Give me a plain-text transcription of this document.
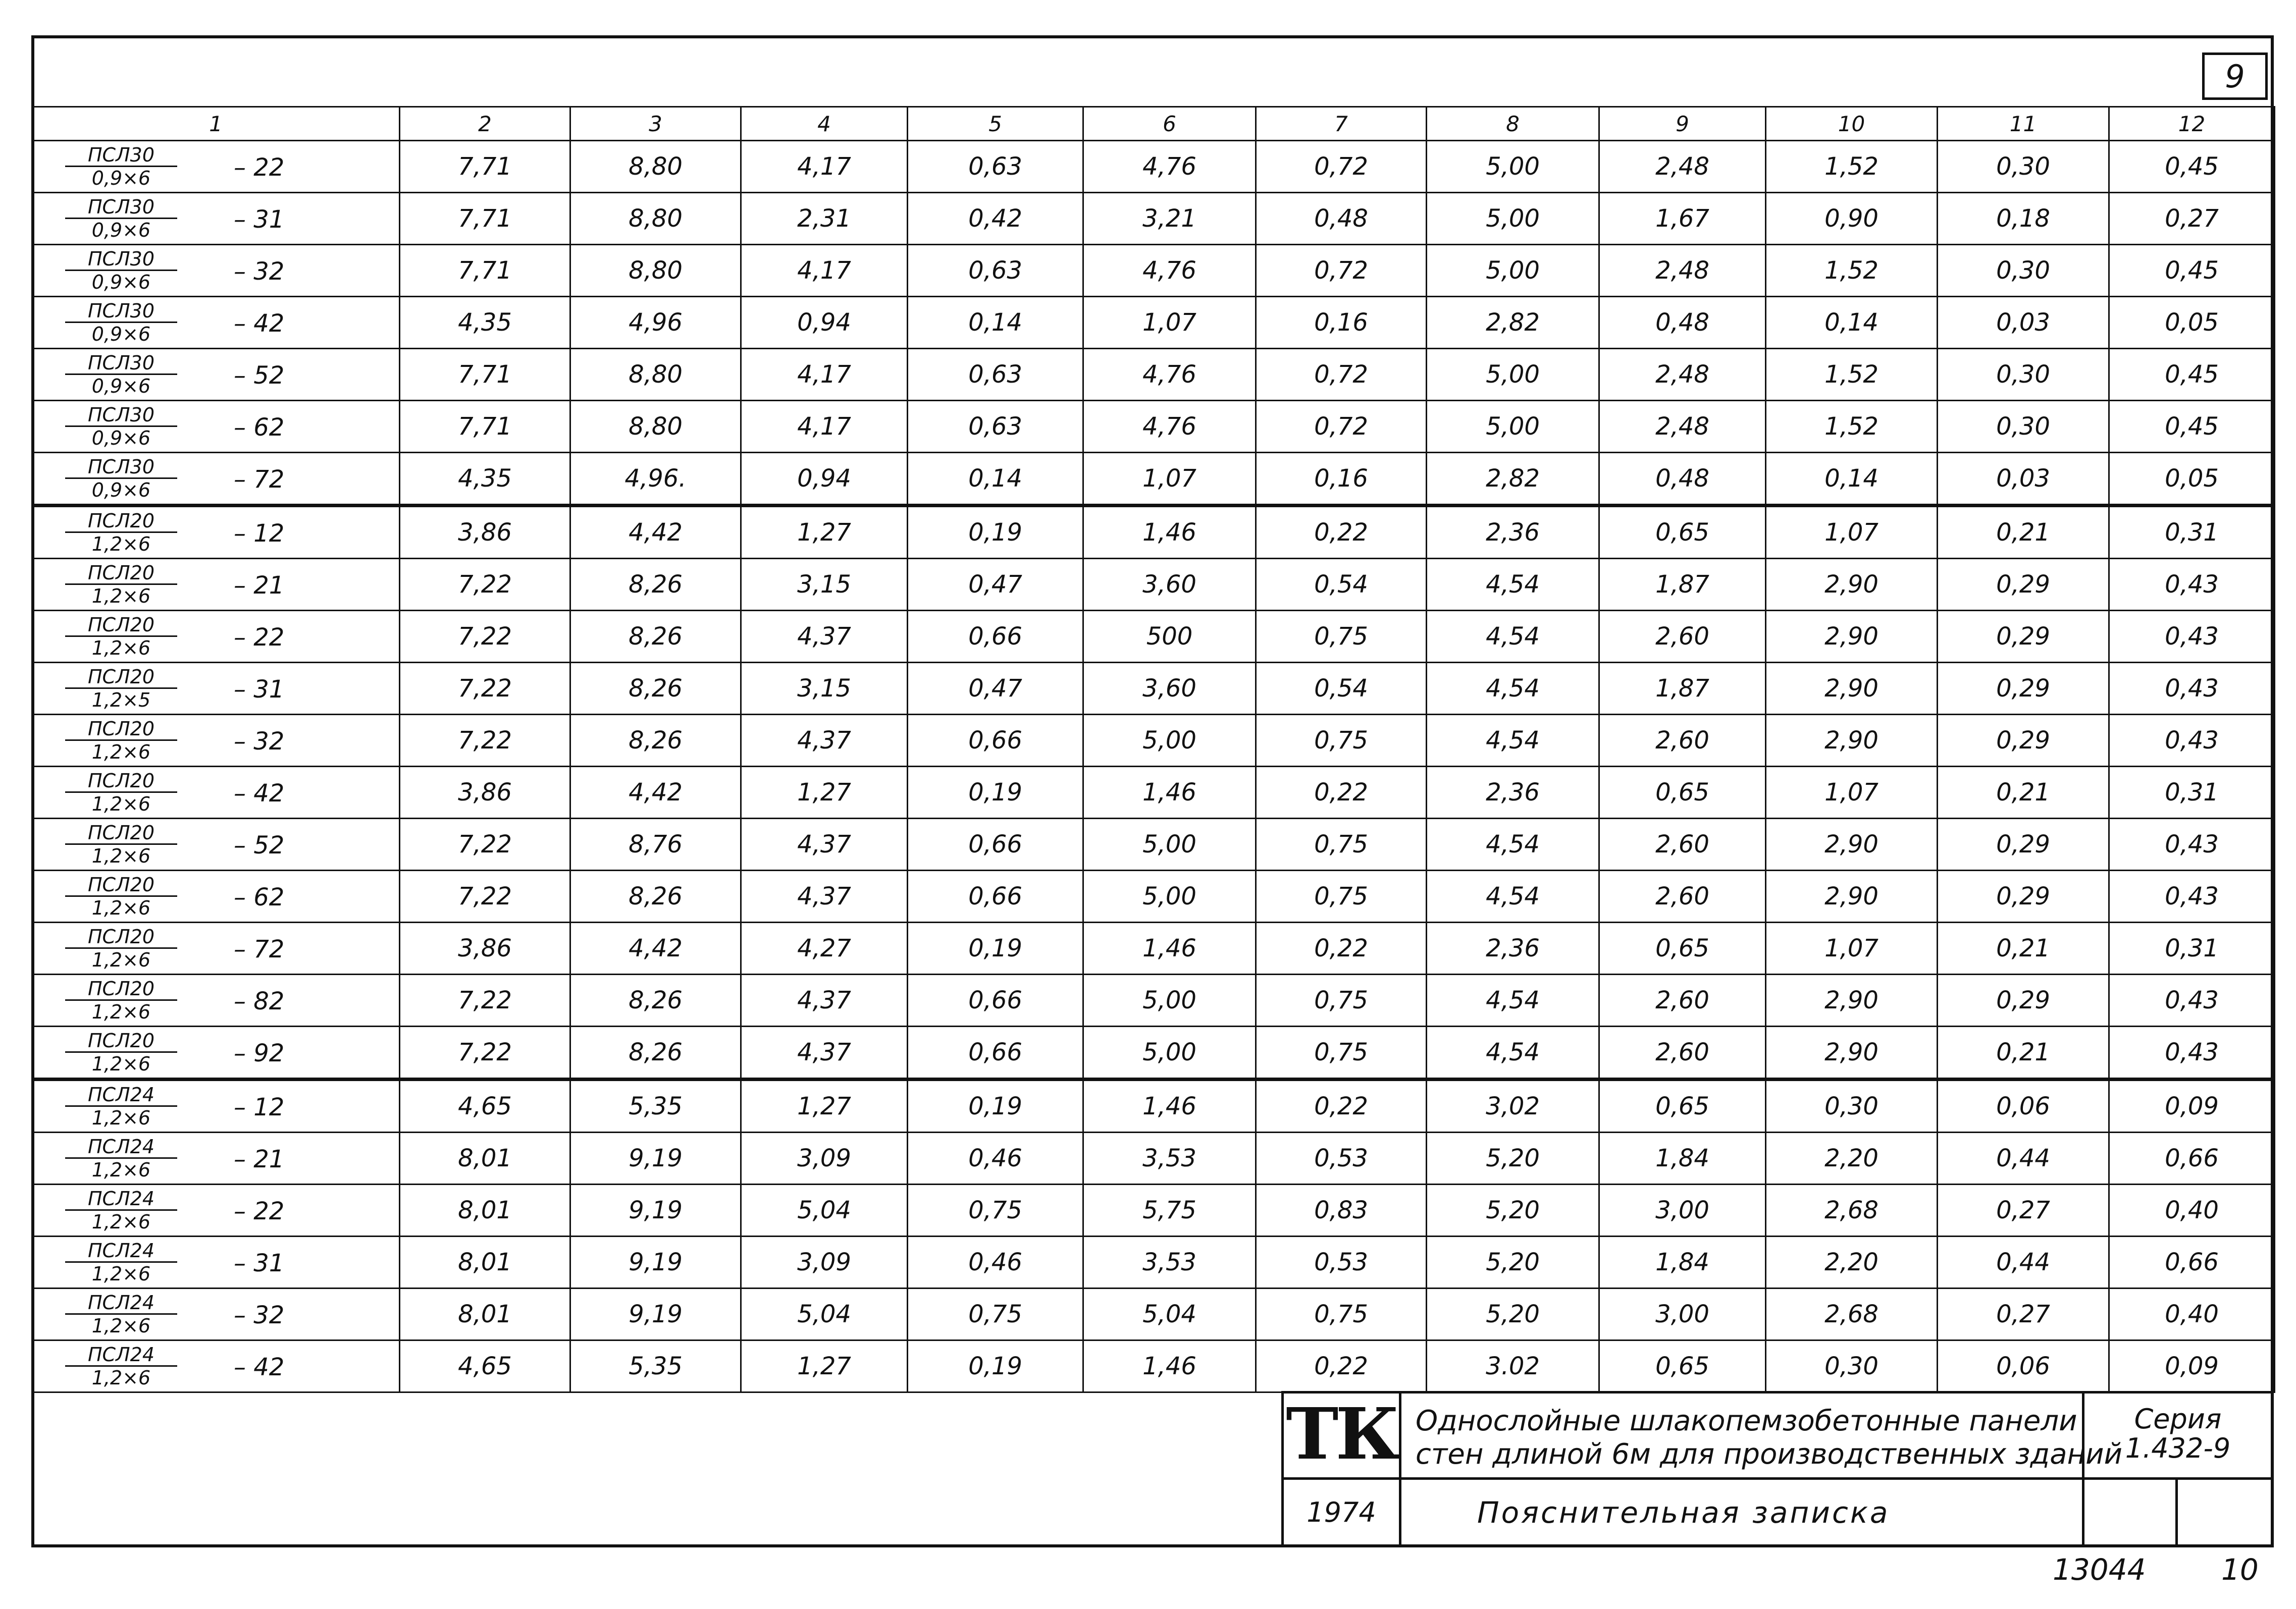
9
1	2	3	4	5	6	7	8	9	10	11	12

ПСЛ30
0,9×6 – 22	7,71	8,80	4,17	0,63	4,76	0,72	5,00	2,48	1,52	0,30	0,45

ПСЛ30
0,9×6 – 31	7,71	8,80	2,31	0,42	3,21	0,48	5,00	1,67	0,90	0,18	0,27

ПСЛ30
0,9×6 – 32	7,71	8,80	4,17	0,63	4,76	0,72	5,00	2,48	1,52	0,30	0,45

ПСЛ30
0,9×6 – 42	4,35	4,96	0,94	0,14	1,07	0,16	2,82	0,48	0,14	0,03	0,05

ПСЛ30
0,9×6 – 52	7,71	8,80	4,17	0,63	4,76	0,72	5,00	2,48	1,52	0,30	0,45

ПСЛ30
0,9×6 – 62	7,71	8,80	4,17	0,63	4,76	0,72	5,00	2,48	1,52	0,30	0,45

ПСЛ30
0,9×6 – 72	4,35	4,96.	0,94	0,14	1,07	0,16	2,82	0,48	0,14	0,03	0,05

ПСЛ20
1,2×6 – 12	3,86	4,42	1,27	0,19	1,46	0,22	2,36	0,65	1,07	0,21	0,31

ПСЛ20
1,2×6 – 21	7,22	8,26	3,15	0,47	3,60	0,54	4,54	1,87	2,90	0,29	0,43

ПСЛ20
1,2×6 – 22	7,22	8,26	4,37	0,66	500	0,75	4,54	2,60	2,90	0,29	0,43

ПСЛ20
1,2×5 – 31	7,22	8,26	3,15	0,47	3,60	0,54	4,54	1,87	2,90	0,29	0,43

ПСЛ20
1,2×6 – 32	7,22	8,26	4,37	0,66	5,00	0,75	4,54	2,60	2,90	0,29	0,43

ПСЛ20
1,2×6 – 42	3,86	4,42	1,27	0,19	1,46	0,22	2,36	0,65	1,07	0,21	0,31

ПСЛ20
1,2×6 – 52	7,22	8,76	4,37	0,66	5,00	0,75	4,54	2,60	2,90	0,29	0,43

ПСЛ20
1,2×6 – 62	7,22	8,26	4,37	0,66	5,00	0,75	4,54	2,60	2,90	0,29	0,43

ПСЛ20
1,2×6 – 72	3,86	4,42	4,27	0,19	1,46	0,22	2,36	0,65	1,07	0,21	0,31

ПСЛ20
1,2×6 – 82	7,22	8,26	4,37	0,66	5,00	0,75	4,54	2,60	2,90	0,29	0,43

ПСЛ20
1,2×6 – 92	7,22	8,26	4,37	0,66	5,00	0,75	4,54	2,60	2,90	0,21	0,43

ПСЛ24
1,2×6 – 12	4,65	5,35	1,27	0,19	1,46	0,22	3,02	0,65	0,30	0,06	0,09

ПСЛ24
1,2×6 – 21	8,01	9,19	3,09	0,46	3,53	0,53	5,20	1,84	2,20	0,44	0,66

ПСЛ24
1,2×6 – 22	8,01	9,19	5,04	0,75	5,75	0,83	5,20	3,00	2,68	0,27	0,40

ПСЛ24
1,2×6 – 31	8,01	9,19	3,09	0,46	3,53	0,53	5,20	1,84	2,20	0,44	0,66

ПСЛ24
1,2×6 – 32	8,01	9,19	5,04	0,75	5,04	0,75	5,20	3,00	2,68	0,27	0,40

ПСЛ24
1,2×6 – 42	4,65	5,35	1,27	0,19	1,46	0,22	3.02	0,65	0,30	0,06	0,09
ТК Однослойные шлакопемзобетонные панели
стен длиной 6м для производственных зданий
Серия
1.432-9
1974	Пояснительная записка
13044	10
